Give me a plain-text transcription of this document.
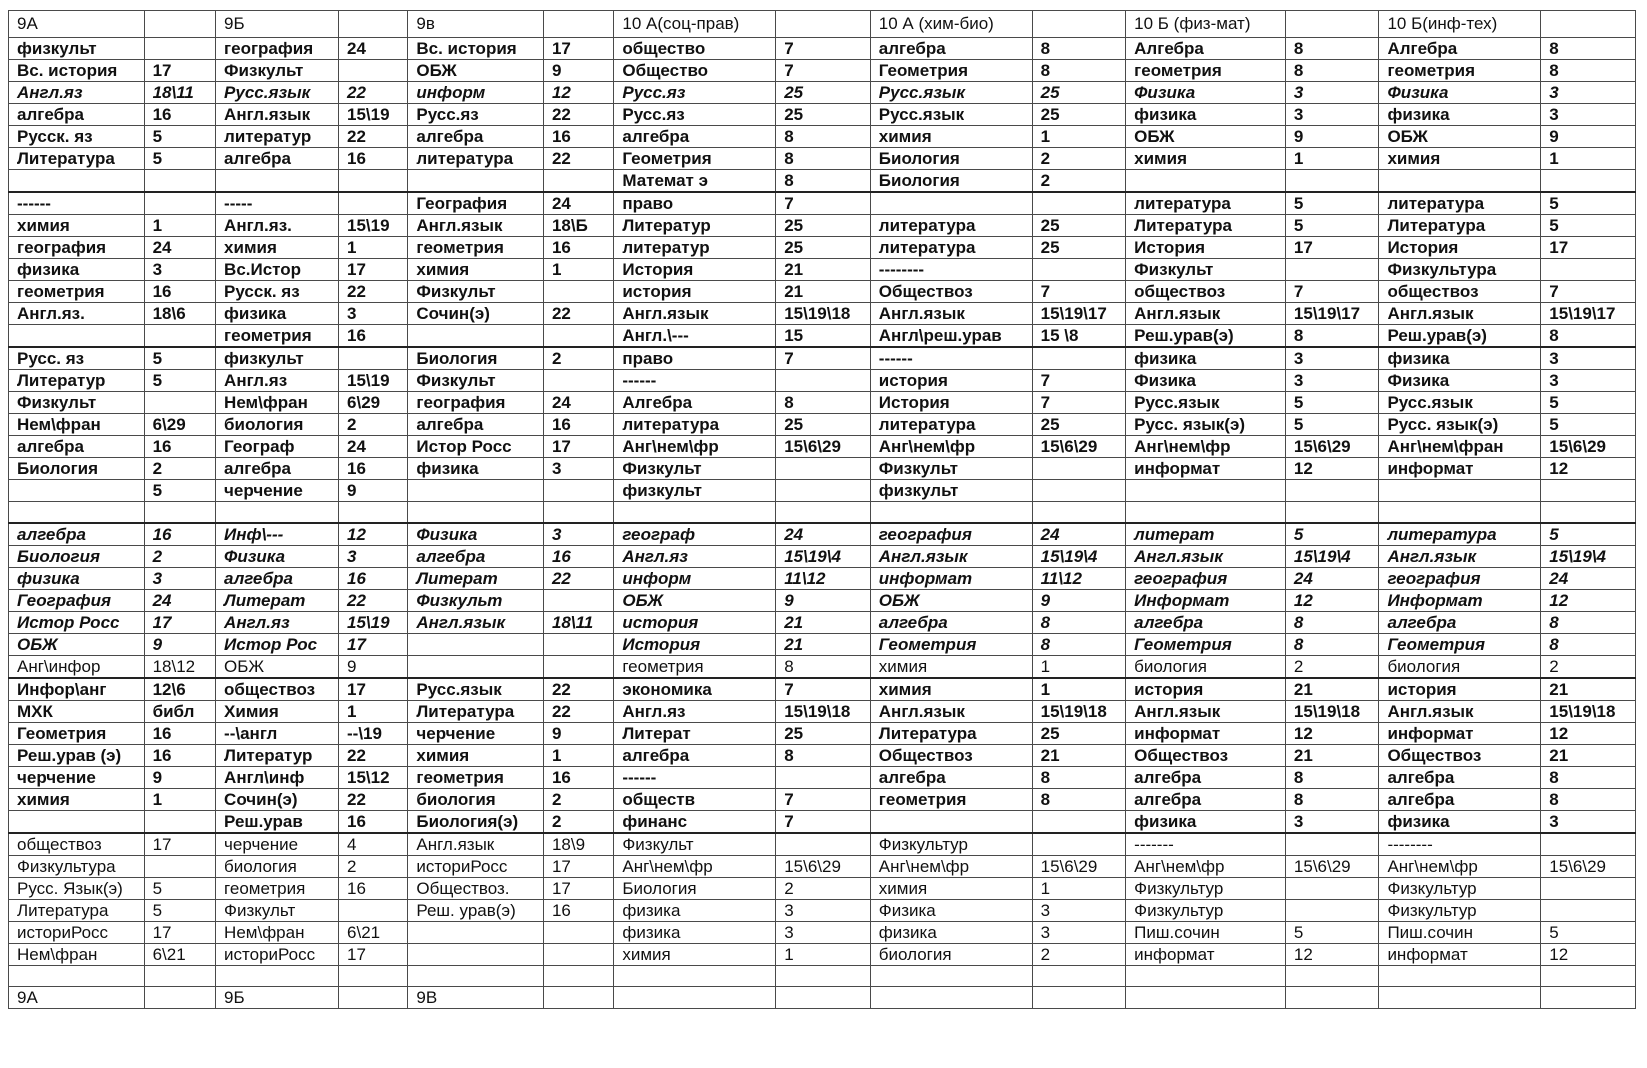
9А		9Б		9в		10 А(соц-прав)		10 А (хим-био)		10 Б (физ-мат)		10 Б(инф-тех)	
физкульт		география	24	Вс. история	17	общество	7	алгебра	8	Алгебра	8	Алгебра	8
Вс. история	17	Физкульт		ОБЖ	9	Общество	7	Геометрия	8	геометрия	8	геометрия	8
Англ.яз	18\11	Русс.язык	22	информ	12	Русс.яз	25	Русс.язык	25	Физика	3	Физика	3
алгебра	16	Англ.язык	15\19	Русс.яз	22	Русс.яз	25	Русс.язык	25	физика	3	физика	3
Русск. яз	5	литератур	22	алгебра	16	алгебра	8	химия	1	ОБЖ	9	ОБЖ	9
Литература	5	алгебра	16	литература	22	Геометрия	8	Биология	2	химия	1	химия	1
						Математ э	8	Биология	2				
------		-----		География	24	право	7			литература	5	литература	5
химия	1	Англ.яз.	15\19	Англ.язык	18\Б	Литератур	25	литература	25	Литература	5	Литература	5
география	24	химия	1	геометрия	16	литератур	25	литература	25	История	17	История	17
физика	3	Вс.Истор	17	химия	1	История	21	--------		Физкульт		Физкультура	
геометрия	16	Русск. яз	22	Физкульт		история	21	Обществоз	7	обществоз	7	обществоз	7
Англ.яз.	18\6	физика	3	Сочин(э)	22	Англ.язык	15\19\18	Англ.язык	15\19\17	Англ.язык	15\19\17	Англ.язык	15\19\17
		геометрия	16			Англ.\---	15	Англ\реш.урав	15 \8	Реш.урав(э)	8	Реш.урав(э)	8
Русс. яз	5	физкульт		Биология	2	право	7	------		физика	3	физика	3
Литератур	5	Англ.яз	15\19	Физкульт		------		история	7	Физика	3	Физика	3
Физкульт		Нем\фран	6\29	география	24	Алгебра	8	История	7	Русс.язык	5	Русс.язык	5
Нем\фран	6\29	биология	2	алгебра	16	литература	25	литература	25	Русс. язык(э)	5	Русс. язык(э)	5
алгебра	16	Географ	24	Истор Росс	17	Анг\нем\фр	15\6\29	Анг\нем\фр	15\6\29	Анг\нем\фр	15\6\29	Анг\нем\фран	15\6\29
Биология	2	алгебра	16	физика	3	Физкульт		Физкульт		информат	12	информат	12
	5	черчение	9			физкульт		физкульт					

алгебра	16	Инф\---	12	Физика	3	географ	24	география	24	литерат	5	литература	5
Биология	2	Физика	3	алгебра	16	Англ.яз	15\19\4	Англ.язык	15\19\4	Англ.язык	15\19\4	Англ.язык	15\19\4
физика	3	алгебра	16	Литерат	22	информ	11\12	информат	11\12	география	24	география	24
География	24	Литерат	22	Физкульт		ОБЖ	9	ОБЖ	9	Информат	12	Информат	12
Истор Росс	17	Англ.яз	15\19	Англ.язык	18\11	история	21	алгебра	8	алгебра	8	алгебра	8
ОБЖ	9	Истор Рос	17			История	21	Геометрия	8	Геометрия	8	Геометрия	8
Анг\инфор	18\12	ОБЖ	9			геометрия	8	химия	1	биология	2	биология	2
Инфор\анг	12\6	обществоз	17	Русс.язык	22	экономика	7	химия	1	история	21	история	21
МХК	библ	Химия	1	Литература	22	Англ.яз	15\19\18	Англ.язык	15\19\18	Англ.язык	15\19\18	Англ.язык	15\19\18
Геометрия	16	--\англ	--\19	черчение	9	Литерат	25	Литература	25	информат	12	информат	12
Реш.урав (э)	16	Литератур	22	химия	1	алгебра	8	Обществоз	21	Обществоз	21	Обществоз	21
черчение	9	Англ\инф	15\12	геометрия	16	------		алгебра	8	алгебра	8	алгебра	8
химия	1	Сочин(э)	22	биология	2	обществ	7	геометрия	8	алгебра	8	алгебра	8
		Реш.урав	16	Биология(э)	2	финанс	7			физика	3	физика	3
обществоз	17	черчение	4	Англ.язык	18\9	Физкульт		Физкультур		-------		--------	
Физкультура		биология	2	историРосс	17	Анг\нем\фр	15\6\29	Анг\нем\фр	15\6\29	Анг\нем\фр	15\6\29	Анг\нем\фр	15\6\29
Русс. Язык(э)	5	геометрия	16	Обществоз.	17	Биология	2	химия	1	Физкультур		Физкультур	
Литература	5	Физкульт		Реш. урав(э)	16	физика	3	Физика	3	Физкультур		Физкультур	
историРосс	17	Нем\фран	6\21			физика	3	физика	3	Пиш.сочин	5	Пиш.сочин	5
Нем\фран	6\21	историРосс	17			химия	1	биология	2	информат	12	информат	12

9А		9Б		9В									
